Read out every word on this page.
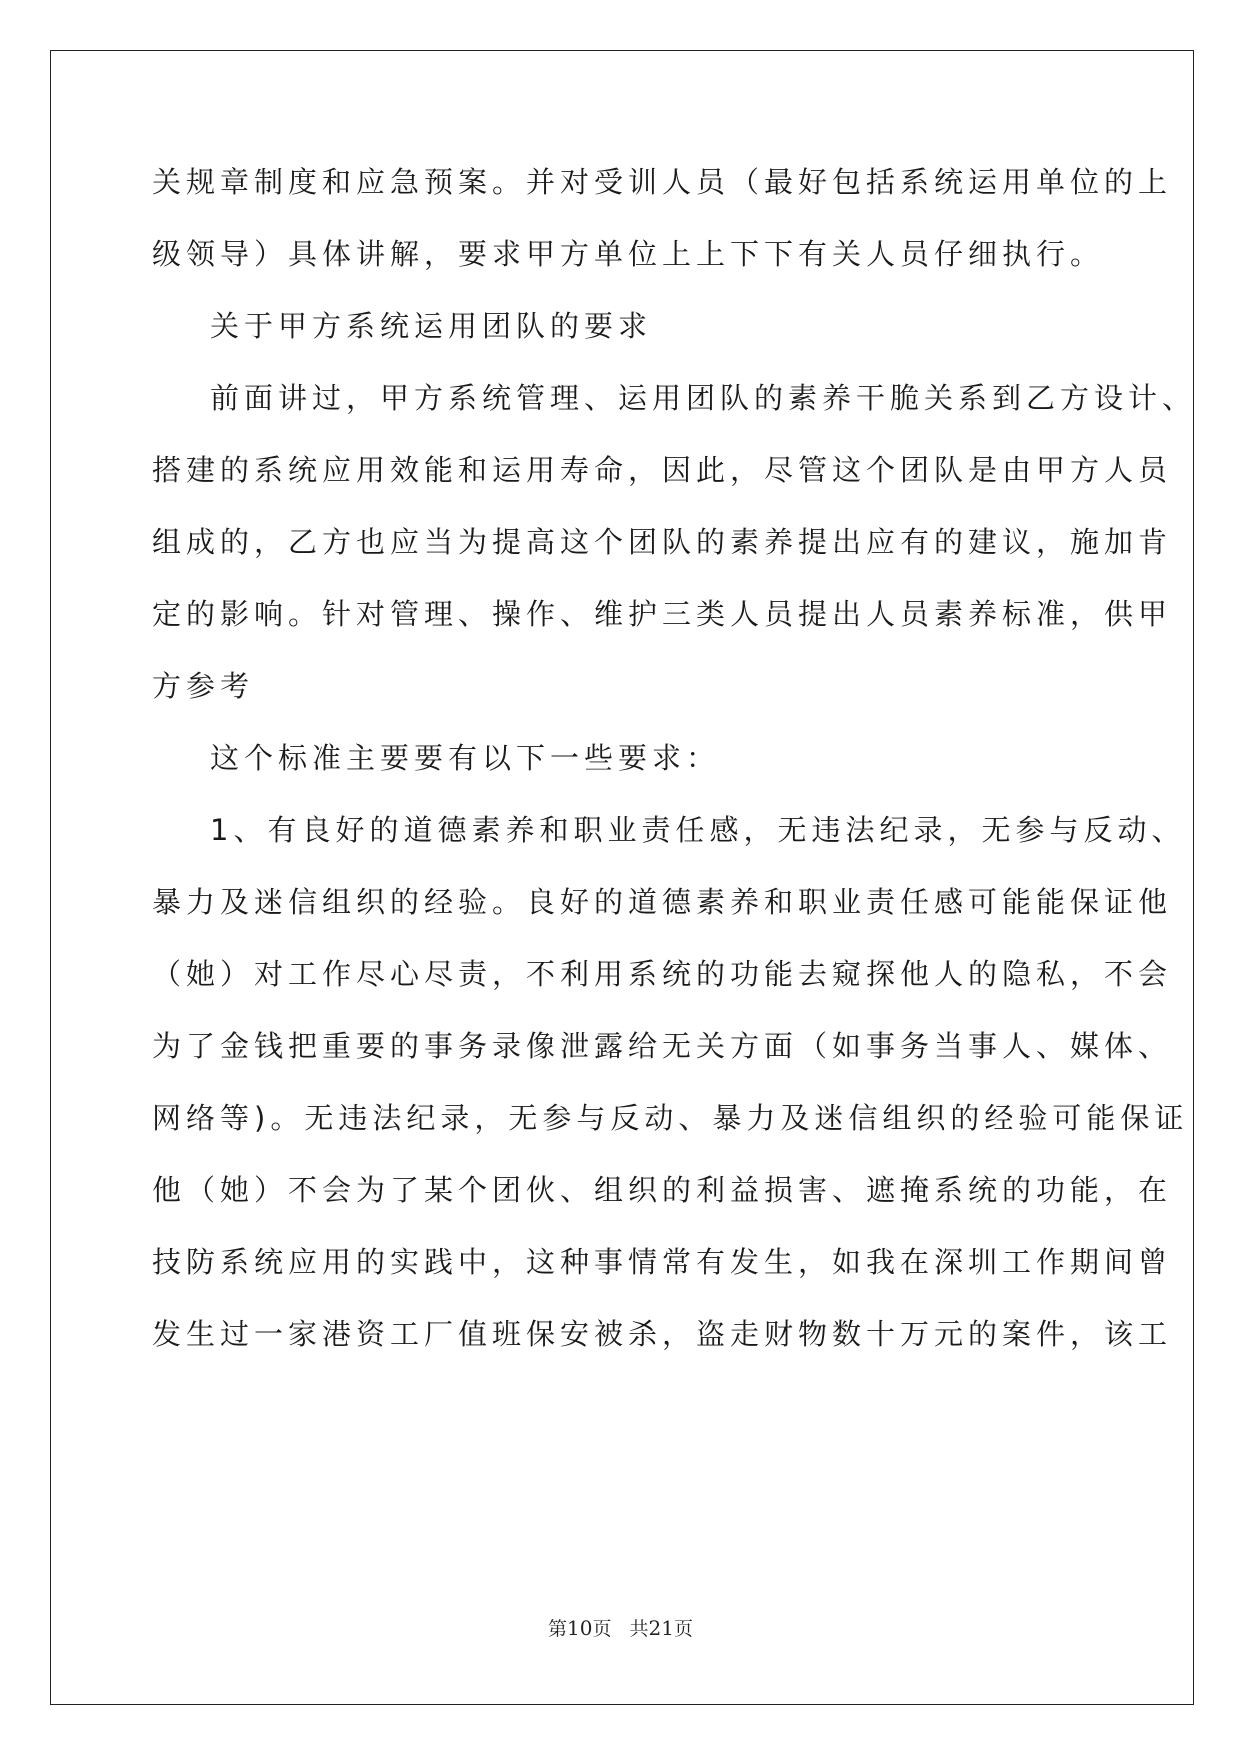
关规章制度和应急预案。并对受训人员（最好包括系统运用单位的上
级领导）具体讲解，要求甲方单位上上下下有关人员仔细执行。
关于甲方系统运用团队的要求
前面讲过，甲方系统管理、运用团队的素养干脆关系到乙方设计、
搭建的系统应用效能和运用寿命，因此，尽管这个团队是由甲方人员
组成的，乙方也应当为提高这个团队的素养提出应有的建议，施加肯
定的影响。针对管理、操作、维护三类人员提出人员素养标准，供甲
方参考
这个标准主要要有以下一些要求：
1、有良好的道德素养和职业责任感，无违法纪录，无参与反动、
暴力及迷信组织的经验。良好的道德素养和职业责任感可能能保证他
（她）对工作尽心尽责，不利用系统的功能去窥探他人的隐私，不会
为了金钱把重要的事务录像泄露给无关方面（如事务当事人、媒体、
网络等)。无违法纪录，无参与反动、暴力及迷信组织的经验可能保证
他（她）不会为了某个团伙、组织的利益损害、遮掩系统的功能，在
技防系统应用的实践中，这种事情常有发生，如我在深圳工作期间曾
发生过一家港资工厂值班保安被杀，盗走财物数十万元的案件，该工
第10页 共21页
